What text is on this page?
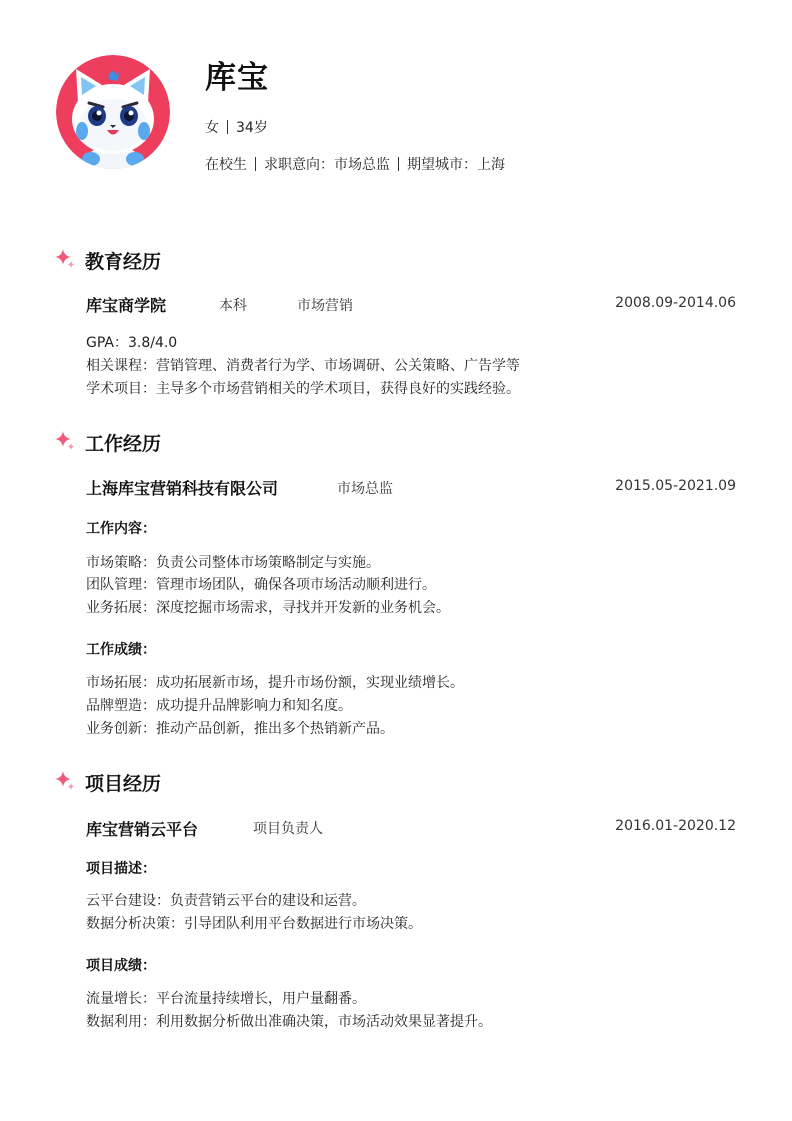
库宝
女 34岁
在校生 求职意向：市场总监 期望城市：上海
教育经历
库宝商学院	本科	市场营销	2008.09-2014.06
GPA：3.8/4.0
相关课程：营销管理、消费者行为学、市场调研、公关策略、广告学等
学术项目：主导多个市场营销相关的学术项目，获得良好的实践经验。
工作经历
上海库宝营销科技有限公司	市场总监	2015.05-2021.09
工作内容：
市场策略：负责公司整体市场策略制定与实施。
团队管理：管理市场团队，确保各项市场活动顺利进行。
业务拓展：深度挖掘市场需求，寻找并开发新的业务机会。
工作成绩：
市场拓展：成功拓展新市场，提升市场份额，实现业绩增长。
品牌塑造：成功提升品牌影响力和知名度。
业务创新：推动产品创新，推出多个热销新产品。
项目经历
库宝营销云平台	项目负责人	2016.01-2020.12
项目描述：
云平台建设：负责营销云平台的建设和运营。
数据分析决策：引导团队利用平台数据进行市场决策。
项目成绩：
流量增长：平台流量持续增长，用户量翻番。
数据利用：利用数据分析做出准确决策，市场活动效果显著提升。
